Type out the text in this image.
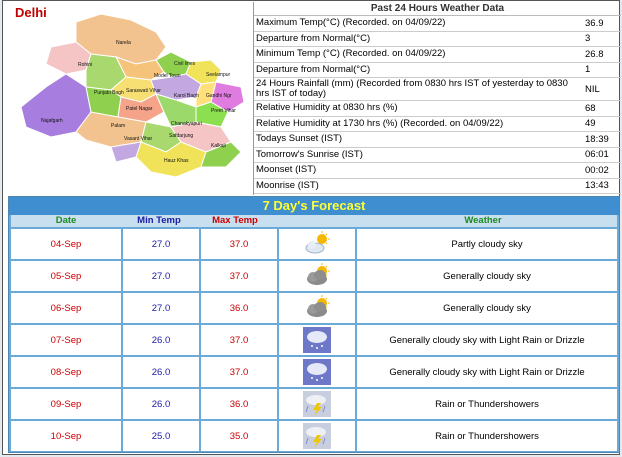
Narela
Rohini	Civil lines
Model Town	Seelampur
Punjabi Bagh Saraswati Vihar
Karol Bagh Gandhi Ngr
Preet Vihar
Patel Nagar
Najafgarh
Palam	Chanakyapuri
Vasant Vihar	Safdarjung
Kalkaji
Hauz Khas
Delhi	Past 24 Hours Weather Data
Maximum Temp(°C) (Recorded. on 04/09/22)	36.9
Departure from Normal(°C)	3
Minimum Temp (°C) (Recorded. on 04/09/22)	26.8
Departure from Normal(°C)	1
24 Hours Rainfall (mm) (Recorded from 0830 hrs IST of yesterday to 0830 hrs IST of today)	NIL
Relative Humidity at 0830 hrs (%)	68
Relative Humidity at 1730 hrs (%) (Recorded. on 04/09/22)	49
Todays Sunset (IST)	18:39
Tomorrow's Sunrise (IST)	06:01
Moonset (IST)	00:02
Moonrise (IST)	13:43
7 Day's Forecast
Date	Min Temp	Max Temp	Weather
04-Sep	27.0	37.0	Partly cloudy sky
05-Sep	27.0	37.0	Generally cloudy sky
06-Sep	27.0	36.0	Generally cloudy sky
07-Sep	26.0	37.0	Generally cloudy sky with Light Rain or Drizzle
08-Sep	26.0	37.0	Generally cloudy sky with Light Rain or Drizzle
09-Sep	26.0	36.0	Rain or Thundershowers
10-Sep	25.0	35.0	Rain or Thundershowers
